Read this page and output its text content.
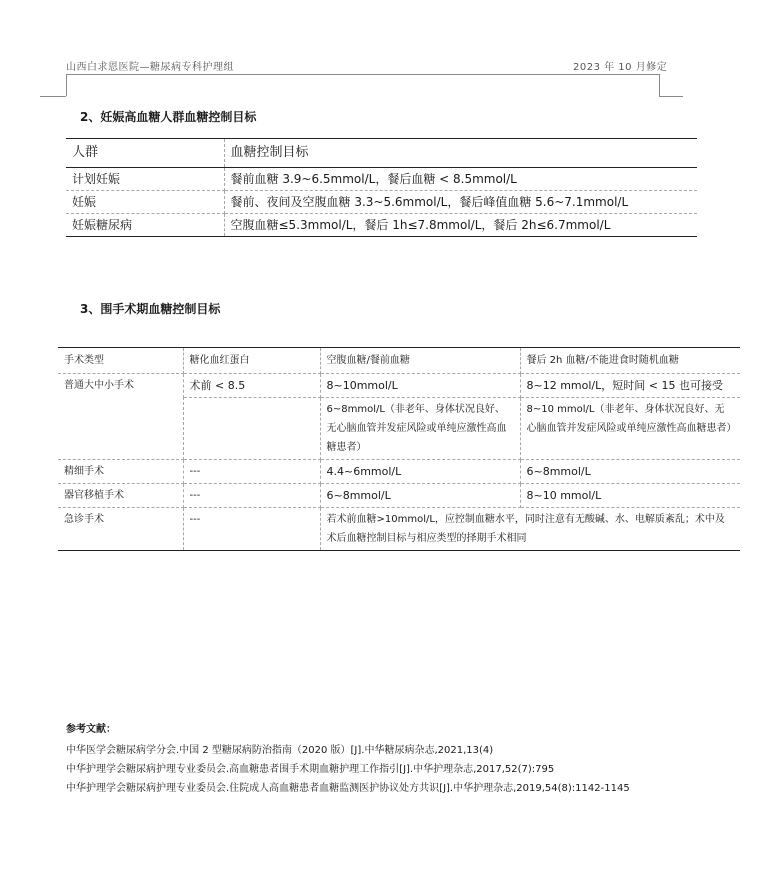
山西白求恩医院—糖尿病专科护理组	2023 年 10 月修定
2、妊娠高血糖人群血糖控制目标
人群	血糖控制目标
计划妊娠	餐前血糖 3.9~6.5mmol/L，餐后血糖 < 8.5mmol/L
妊娠	餐前、夜间及空腹血糖 3.3~5.6mmol/L，餐后峰值血糖 5.6~7.1mmol/L
妊娠糖尿病	空腹血糖≤5.3mmol/L，餐后 1h≤7.8mmol/L，餐后 2h≤6.7mmol/L
3、围手术期血糖控制目标
手术类型	糖化血红蛋白	空腹血糖/餐前血糖	餐后 2h 血糖/不能进食时随机血糖
普通大中小手术	术前 < 8.5	8~10mmol/L	8~12 mmol/L，短时间 < 15 也可接受
		6~8mmol/L（非老年、身体状况良好、无心脑血管并发症风险或单纯应激性高血糖患者）	8~10 mmol/L（非老年、身体状况良好、无心脑血管并发症风险或单纯应激性高血糖患者）
精细手术	---	4.4~6mmol/L	6~8mmol/L
器官移植手术	---	6~8mmol/L	8~10 mmol/L
急诊手术	---	若术前血糖>10mmol/L，应控制血糖水平，同时注意有无酸碱、水、电解质紊乱；术中及术后血糖控制目标与相应类型的择期手术相同	
参考文献：
中华医学会糖尿病学分会.中国 2 型糖尿病防治指南（2020 版）[J].中华糖尿病杂志,2021,13(4)
中华护理学会糖尿病护理专业委员会.高血糖患者围手术期血糖护理工作指引[J].中华护理杂志,2017,52(7):795
中华护理学会糖尿病护理专业委员会.住院成人高血糖患者血糖监测医护协议处方共识[J].中华护理杂志,2019,54(8):1142-1145
